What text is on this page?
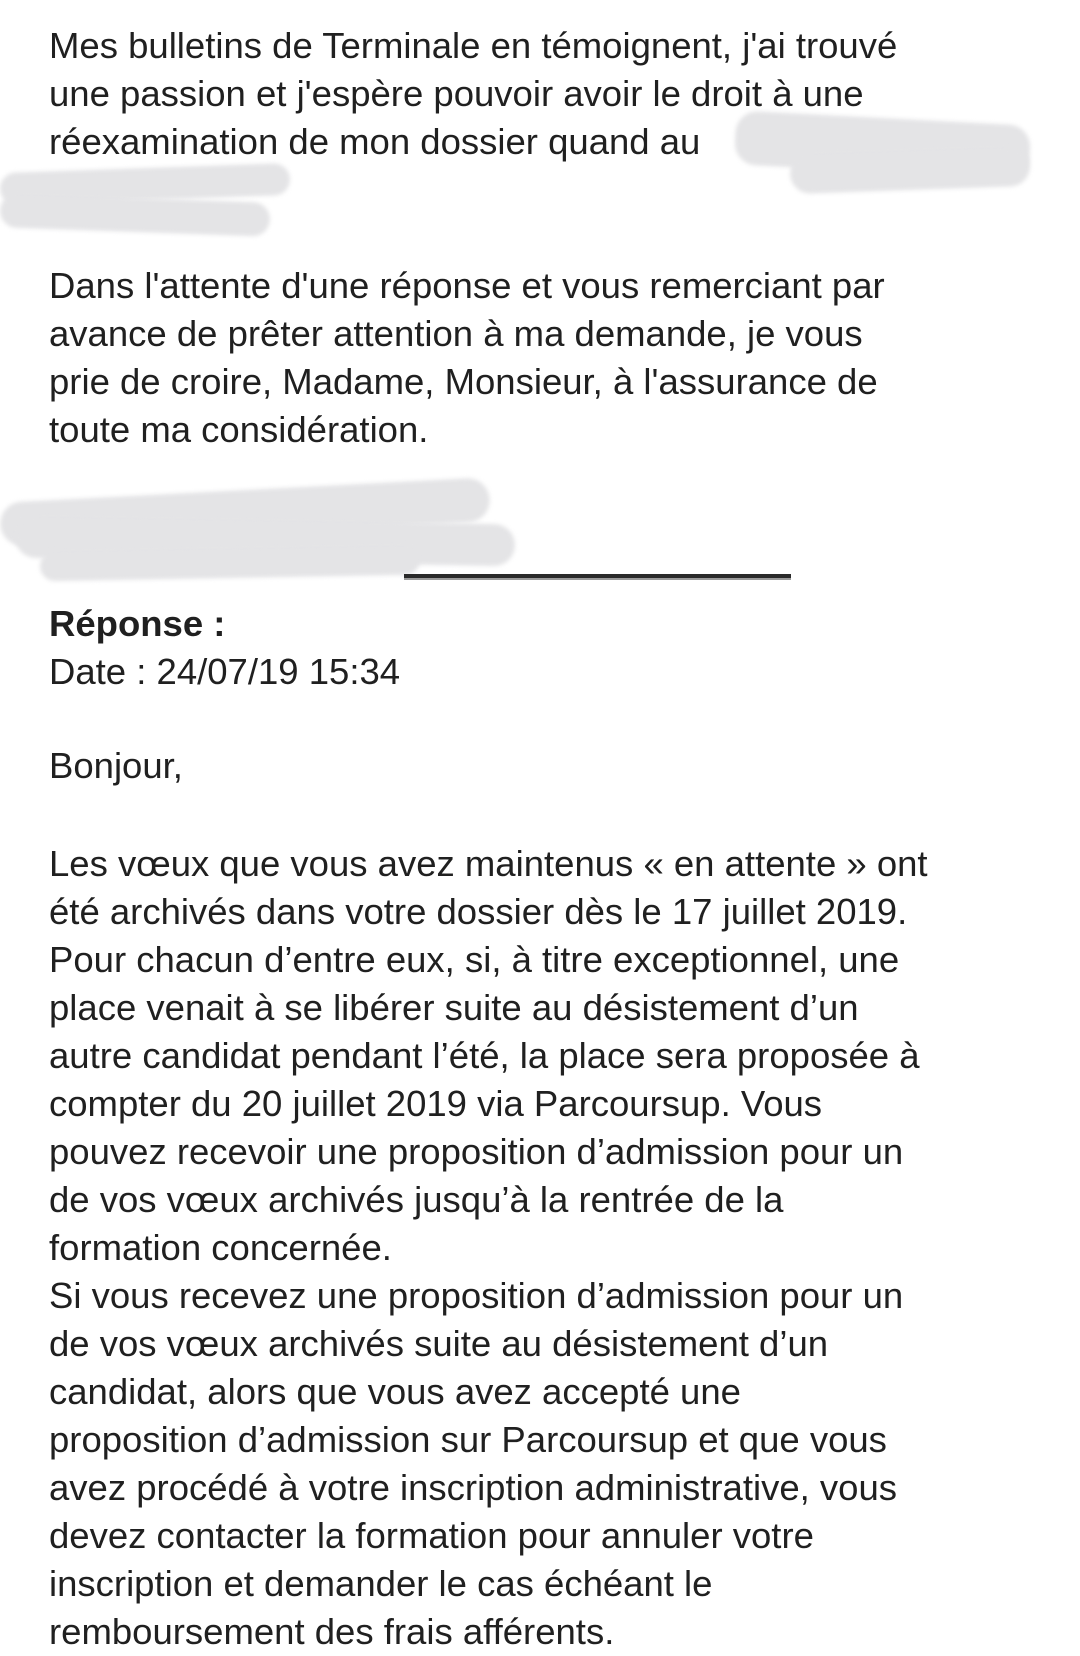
Mes bulletins de Terminale en témoignent, j'ai trouvé
une passion et j'espère pouvoir avoir le droit à une
réexamination de mon dossier quand au
Dans l'attente d'une réponse et vous remerciant par
avance de prêter attention à ma demande, je vous
prie de croire, Madame, Monsieur, à l'assurance de
toute ma considération.
Réponse :
Date : 24/07/19 15:34
Bonjour,
Les vœux que vous avez maintenus « en attente » ont
été archivés dans votre dossier dès le 17 juillet 2019.
Pour chacun d’entre eux, si, à titre exceptionnel, une
place venait à se libérer suite au désistement d’un
autre candidat pendant l’été, la place sera proposée à
compter du 20 juillet 2019 via Parcoursup. Vous
pouvez recevoir une proposition d’admission pour un
de vos vœux archivés jusqu’à la rentrée de la
formation concernée.
Si vous recevez une proposition d’admission pour un
de vos vœux archivés suite au désistement d’un
candidat, alors que vous avez accepté une
proposition d’admission sur Parcoursup et que vous
avez procédé à votre inscription administrative, vous
devez contacter la formation pour annuler votre
inscription et demander le cas échéant le
remboursement des frais afférents.
